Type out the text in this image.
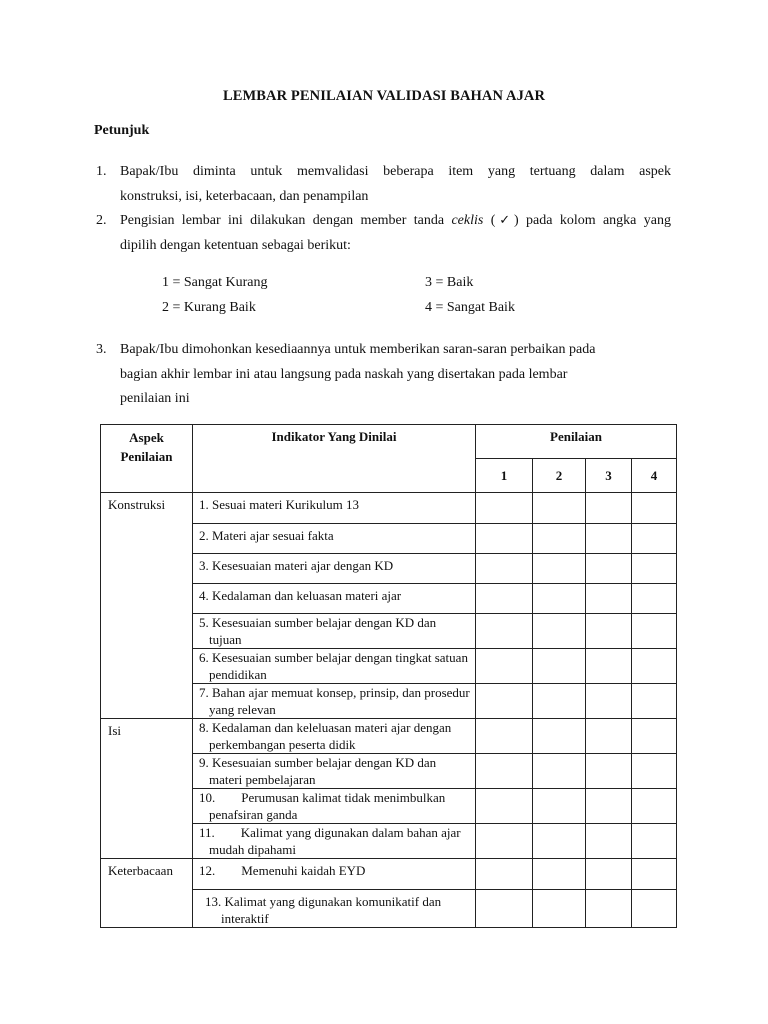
LEMBAR PENILAIAN VALIDASI BAHAN AJAR
Petunjuk
1. Bapak/Ibu diminta untuk memvalidasi beberapa item yang tertuang dalam aspek
konstruksi, isi, keterbacaan, dan penampilan
2. Pengisian lembar ini dilakukan dengan member tanda ceklis (✓) pada kolom angka yang
dipilih dengan ketentuan sebagai berikut:
1 = Sangat Kurang
2 = Kurang Baik
3 = Baik
4 = Sangat Baik
3. Bapak/Ibu dimohonkan kesediaannya untuk memberikan saran-saran perbaikan pada
bagian akhir lembar ini atau langsung pada naskah yang disertakan pada lembar
penilaian ini
Aspek
Penilaian	Indikator Yang Dinilai	Penilaian			
		1	2	3	4
Konstruksi	1. Sesuai materi Kurikulum 13				

	2. Materi ajar sesuai fakta				

	3. Kesesuaian materi ajar dengan KD				

	4. Kedalaman dan keluasan materi ajar				

	5. Kesesuaian sumber belajar dengan KD dan tujuan				

	6. Kesesuaian sumber belajar dengan tingkat satuan pendidikan				

	7. Bahan ajar memuat konsep, prinsip, dan prosedur yang relevan				

Isi	8. Kedalaman dan keleluasan materi ajar dengan perkembangan peserta didik				

	9. Kesesuaian sumber belajar dengan KD dan materi pembelajaran				

	10.        Perumusan kalimat tidak menimbulkan penafsiran ganda				

	11.        Kalimat yang digunakan dalam bahan ajar mudah dipahami				

Keterbacaan	12.        Memenuhi kaidah EYD				

	13. Kalimat yang digunakan komunikatif dan interaktif				
